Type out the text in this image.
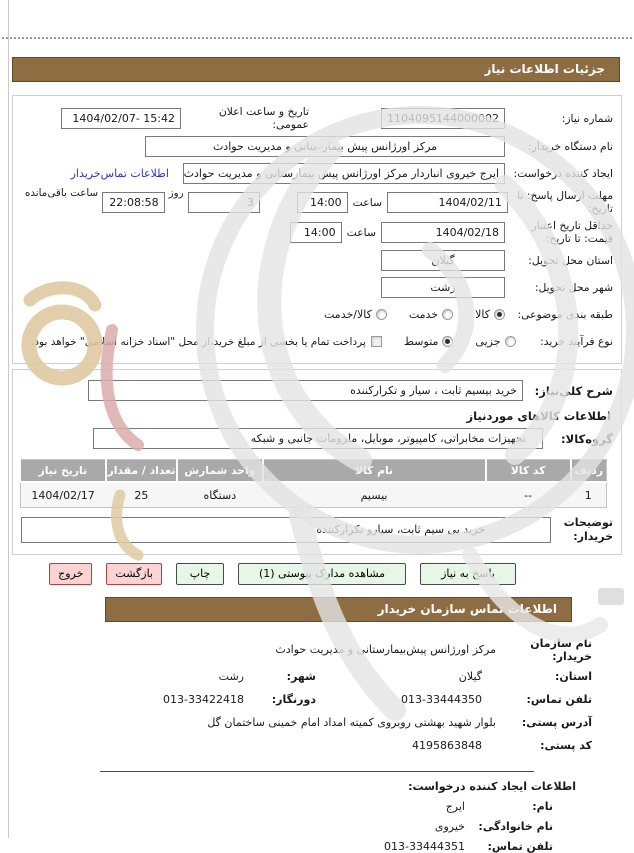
جزئیات اطلاعات نیاز
شماره نیاز:
1104095144000002
تاریخ و ساعت اعلان عمومی:
1404/02/07- 15:42
نام دستگاه خریدار:
مرکز اورژانس پیش بیمارستانی و مدیریت حوادث
ایجاد کننده درخواست:
ایرج خیروی انباردار مرکز اورژانس پیش بیمارستانی و مدیریت حوادث
اطلاعات تماس‌خریدار
مهلت ارسال پاسخ: تا تاریخ:
1404/02/11
ساعت
14:00
3
روز
22:08:58
ساعت باقی‌مانده
حداقل تاریخ اعتبار قیمت: تا تاریخ:
1404/02/18
ساعت
14:00
استان محل تحویل:
گیلان
شهر محل تحویل:
رشت
طبقه بندی موضوعی:
کالا
خدمت
کالا/خدمت
نوع فرآیند خرید:
جزیی
متوسط
پرداخت تمام یا بخشی از مبلغ خرید،از محل "اسناد خزانه اسلامی" خواهد بود.
شرح کلی‌نیاز:
خرید بیسیم ثابت ، سیار و تکرارکننده
اطلاعات کالاهای موردنیاز
گروه‌کالا:
تجهیزات مخابراتی، کامپیوتر، موبایل، ملزومات جانبی و شبکه
ردیف	کد کالا	نام کالا	واحد شمارش	تعداد / مقدار	تاریخ نیاز
1	--	بیسیم	دستگاه	25	1404/02/17
توضیحات خریدار:
خرید بی سیم ثابت، سیارو تکرارکننده
پاسخ به نیاز
مشاهده مدارک پیوستی (1)
چاپ
بازگشت
خروج
اطلاعات تماس سازمان خریدار
نام سازمان خریدار:
مرکز اورژانس پیش‌بیمارستانی و مدیریت حوادث
استان:
گیلان
شهر:
رشت
تلفن تماس:
013-33444350
دورنگار:
013-33422418
آدرس پستی:
بلوار شهید بهشتی روبروی کمیته امداد امام خمینی ساختمان گل
کد پستی:
4195863848
اطلاعات ایجاد کننده درخواست:
نام:
ایرج
نام خانوادگی:
خیروی
تلفن تماس:
013-33444351
